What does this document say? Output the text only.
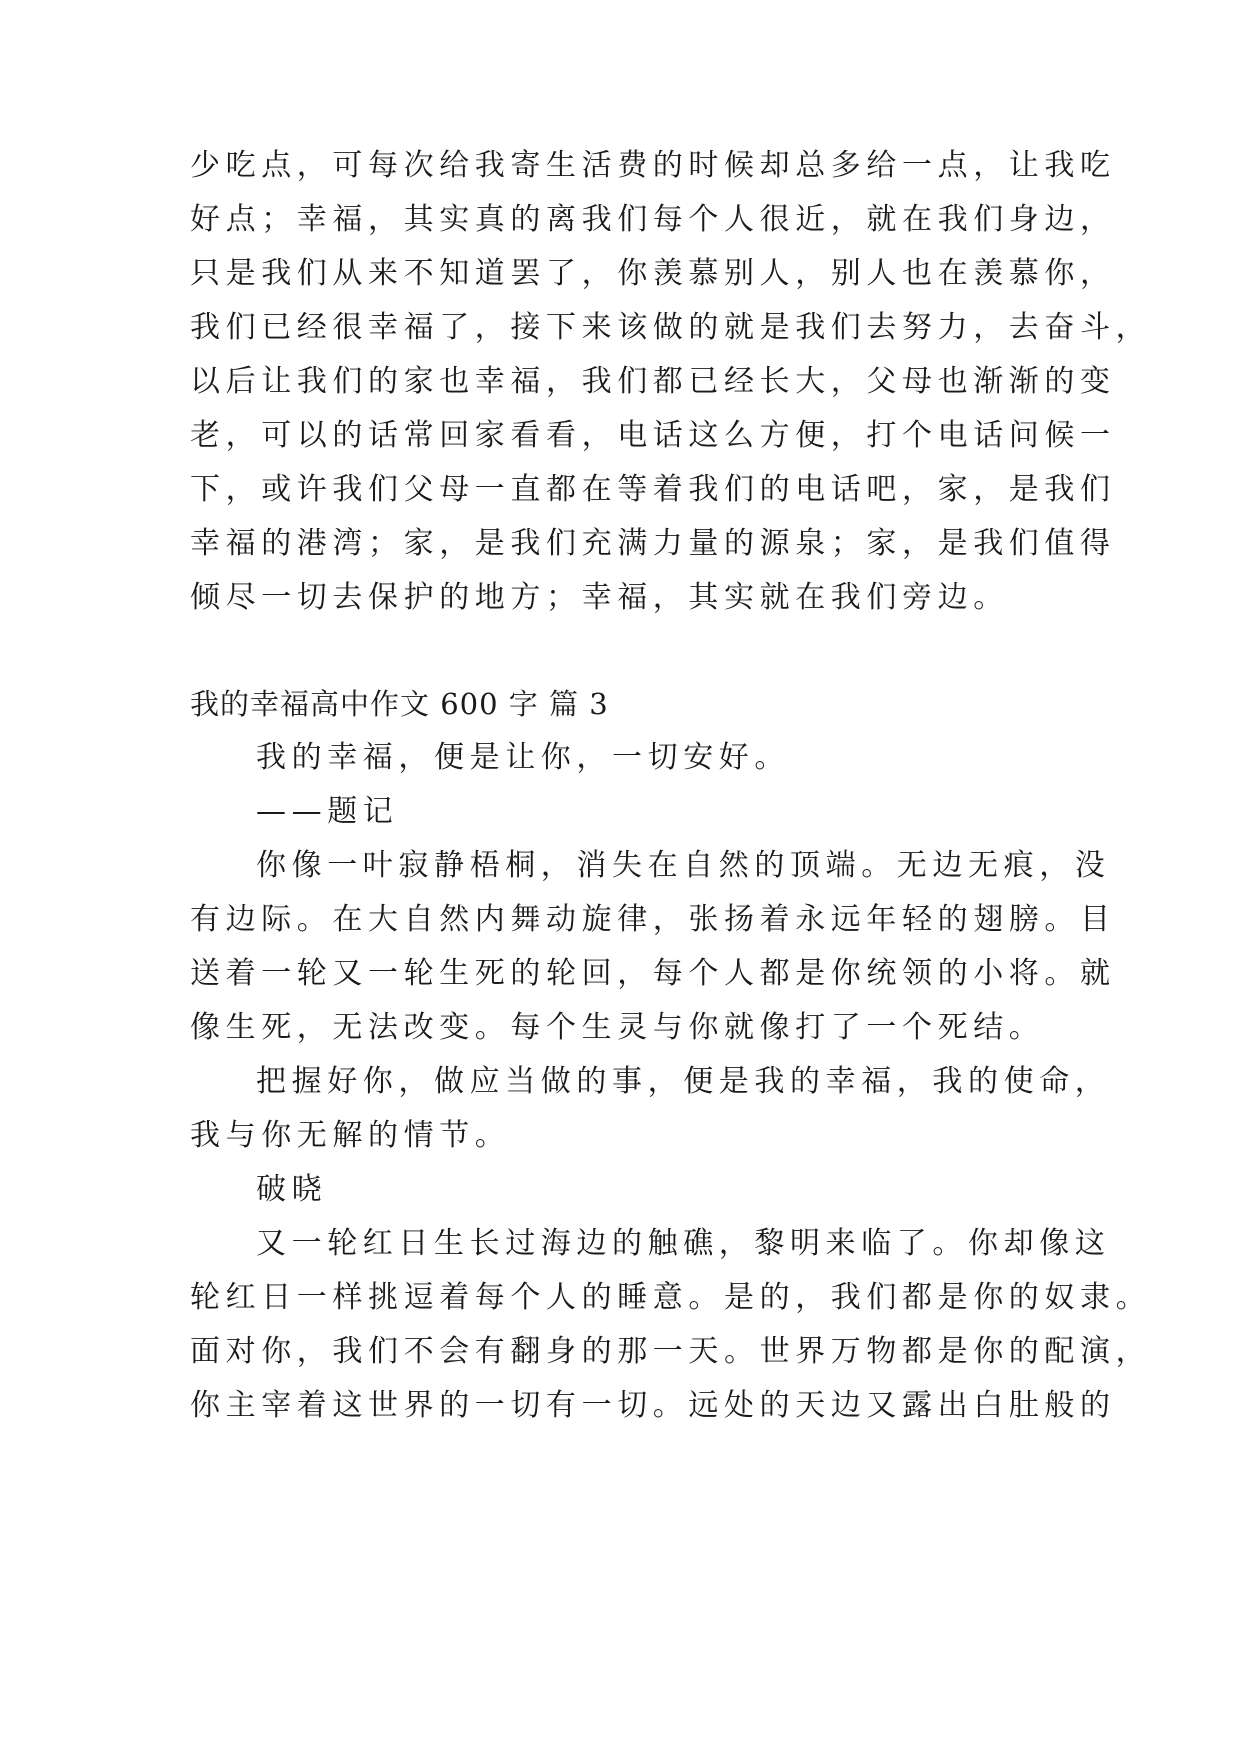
少吃点，可每次给我寄生活费的时候却总多给一点，让我吃
好点；幸福，其实真的离我们每个人很近，就在我们身边，
只是我们从来不知道罢了，你羡慕别人，别人也在羡慕你，
我们已经很幸福了，接下来该做的就是我们去努力，去奋斗，
以后让我们的家也幸福，我们都已经长大，父母也渐渐的变
老，可以的话常回家看看，电话这么方便，打个电话问候一
下，或许我们父母一直都在等着我们的电话吧，家，是我们
幸福的港湾；家，是我们充满力量的源泉；家，是我们值得
倾尽一切去保护的地方；幸福，其实就在我们旁边。
我的幸福高中作文 600 字 篇 3
我的幸福，便是让你，一切安好。
——题记
你像一叶寂静梧桐，消失在自然的顶端。无边无痕，没
有边际。在大自然内舞动旋律，张扬着永远年轻的翅膀。目
送着一轮又一轮生死的轮回，每个人都是你统领的小将。就
像生死，无法改变。每个生灵与你就像打了一个死结。
把握好你，做应当做的事，便是我的幸福，我的使命，
我与你无解的情节。
破晓
又一轮红日生长过海边的触礁，黎明来临了。你却像这
轮红日一样挑逗着每个人的睡意。是的，我们都是你的奴隶。
面对你，我们不会有翻身的那一天。世界万物都是你的配演，
你主宰着这世界的一切有一切。远处的天边又露出白肚般的
